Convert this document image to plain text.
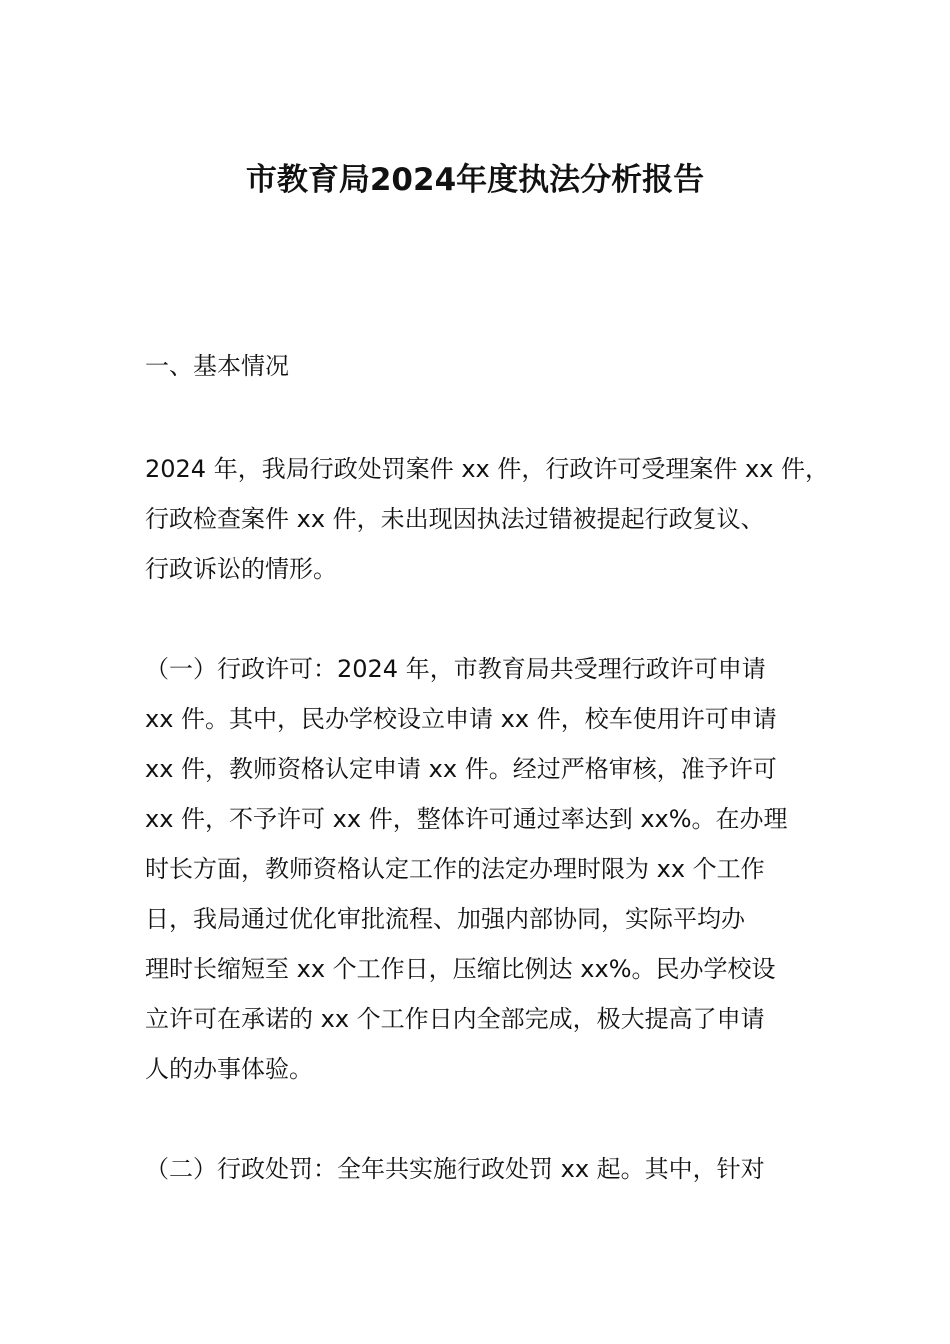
市教育局2024年度执法分析报告
一、基本情况
2024 年，我局行政处罚案件 xx 件，行政许可受理案件 xx 件，
行政检查案件 xx 件，未出现因执法过错被提起行政复议、
行政诉讼的情形。
（一）行政许可：2024 年，市教育局共受理行政许可申请
xx 件。其中，民办学校设立申请 xx 件，校车使用许可申请
xx 件，教师资格认定申请 xx 件。经过严格审核，准予许可
xx 件，不予许可 xx 件，整体许可通过率达到 xx%。在办理
时长方面，教师资格认定工作的法定办理时限为 xx 个工作
日，我局通过优化审批流程、加强内部协同，实际平均办
理时长缩短至 xx 个工作日，压缩比例达 xx%。民办学校设
立许可在承诺的 xx 个工作日内全部完成，极大提高了申请
人的办事体验。
（二）行政处罚：全年共实施行政处罚 xx 起。其中，针对
